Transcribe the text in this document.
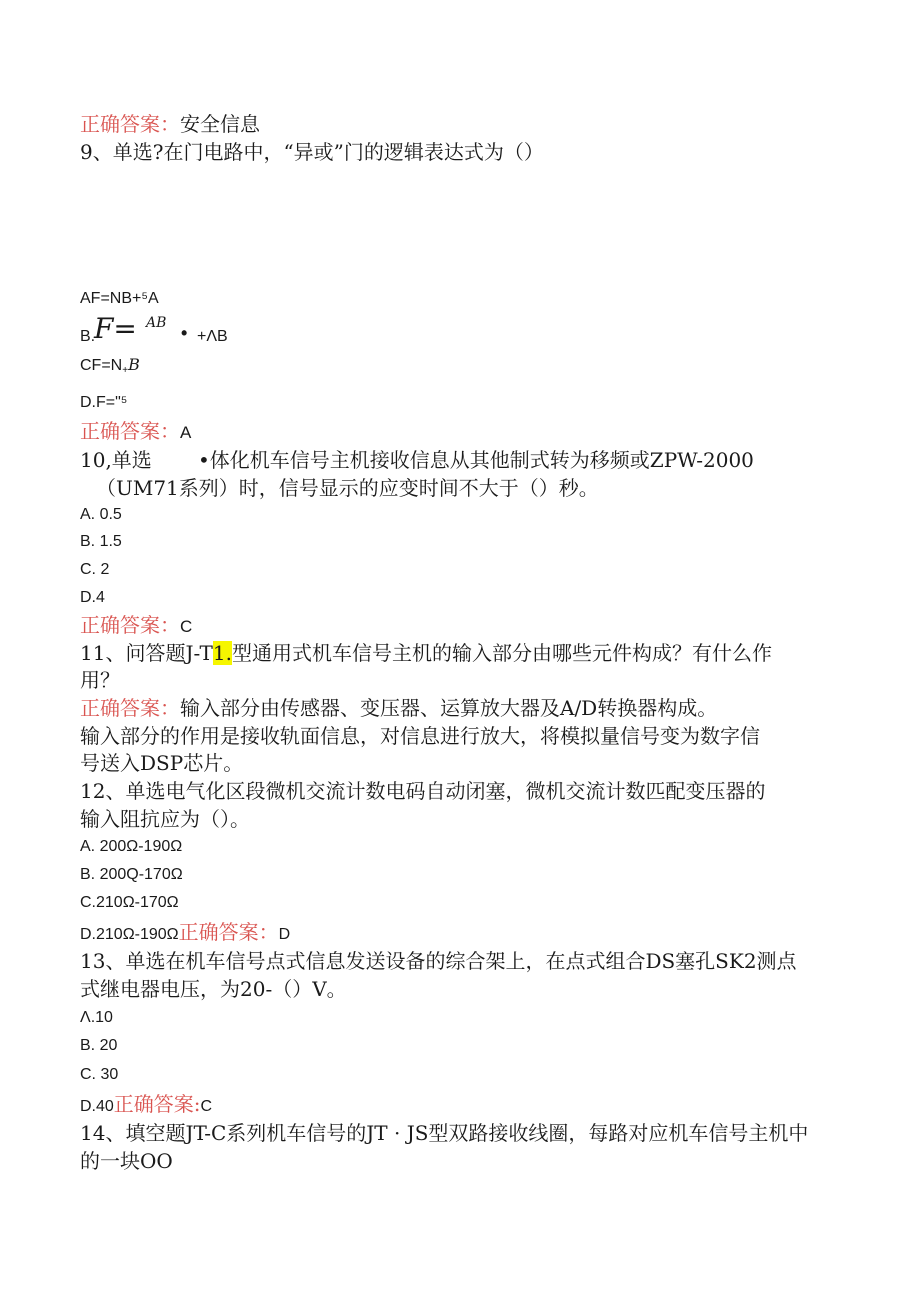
正确答案：安全信息
9、单选?在门电路中，“异或”门的逻辑表达式为（）
AF=NB+⁵A
B.
F= AB • +ΛB
CF=N+B
D.F="⁵
正确答案：A
10,单选 •体化机车信号主机接收信息从其他制式转为移频或ZPW-2000
（UM71系列）时，信号显示的应变时间不大于（）秒。
A. 0.5
B. 1.5
C. 2
D.4
正确答案：C
11、问答题J-T1.型通用式机车信号主机的输入部分由哪些元件构成？有什么作
用？
正确答案：输入部分由传感器、变压器、运算放大器及A/D转换器构成。
输入部分的作用是接收轨面信息，对信息进行放大，将模拟量信号变为数字信
号送入DSP芯片。
12、单选电气化区段微机交流计数电码自动闭塞，微机交流计数匹配变压器的
输入阻抗应为（）。
A. 200Ω-190Ω
B. 200Q-170Ω
C.210Ω-170Ω
D.210Ω-190Ω正确答案：D
13、单选在机车信号点式信息发送设备的综合架上，在点式组合DS塞孔SK2测点
式继电器电压，为20-（）V。
Λ.10
B. 20
C. 30
D.40正确答案:C
14、填空题JT-C系列机车信号的JT · JS型双路接收线圈，每路对应机车信号主机中
的一块OO
